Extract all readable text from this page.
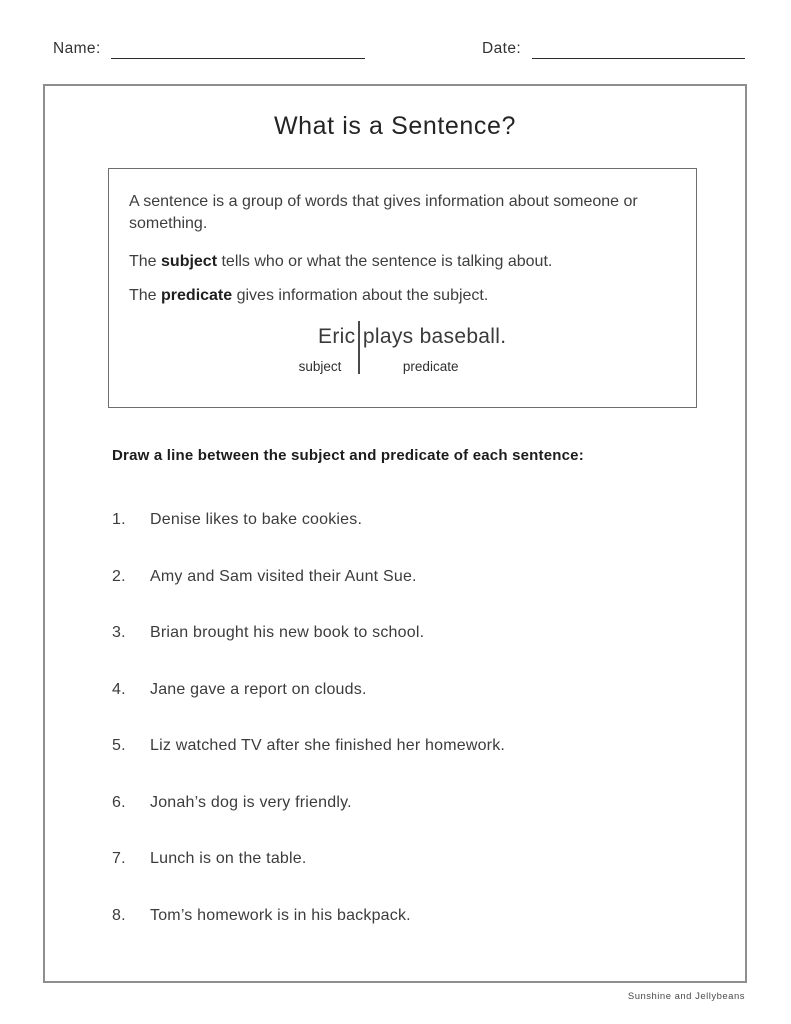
Name:	Date:
What is a Sentence?

A sentence is a group of words that gives information about someone or something.

The subject tells who or what the sentence is talking about.

The predicate gives information about the subject.

Eric
subject
plays baseball.
predicate
Draw a line between the subject and predicate of each sentence:
1.	Denise likes to bake cookies.
2.	Amy and Sam visited their Aunt Sue.
3.	Brian brought his new book to school.
4.	Jane gave a report on clouds.
5.	Liz watched TV after she finished her homework.
6.	Jonah’s dog is very friendly.
7.	Lunch is on the table.
8.	Tom’s homework is in his backpack.
Sunshine and Jellybeans
